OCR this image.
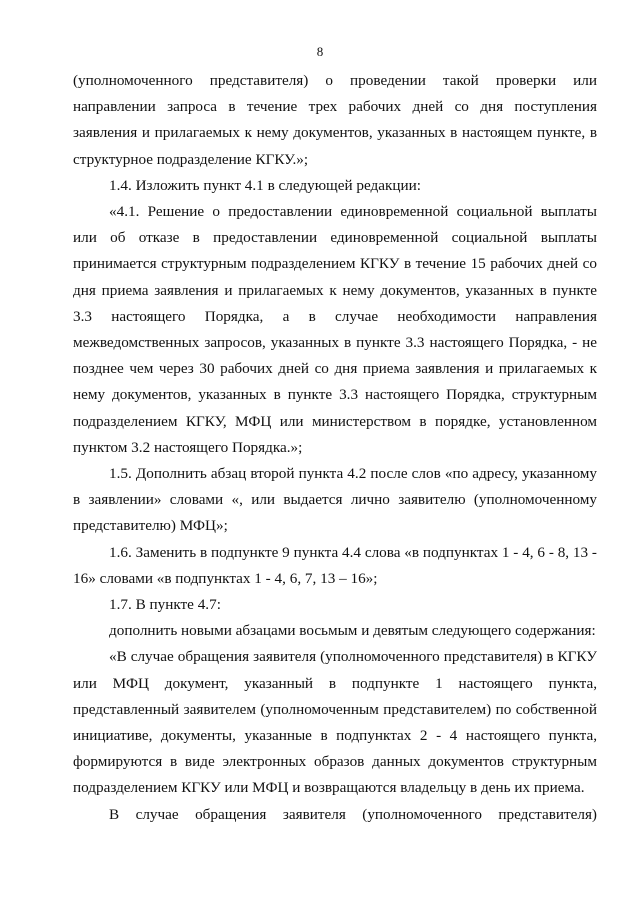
8

(уполномоченного представителя) о проведении такой проверки или направлении запроса в течение трех рабочих дней со дня поступления заявления и прилагаемых к нему документов, указанных в настоящем пункте, в структурное подразделение КГКУ.»;

1.4. Изложить пункт 4.1 в следующей редакции:

«4.1. Решение о предоставлении единовременной социальной выплаты или об отказе в предоставлении единовременной социальной выплаты принимается структурным подразделением КГКУ в течение 15 рабочих дней со дня приема заявления и прилагаемых к нему документов, указанных в пункте 3.3 настоящего Порядка, а в случае необходимости направления межведомственных запросов, указанных в пункте 3.3 настоящего Порядка, - не позднее чем через 30 рабочих дней со дня приема заявления и прилагаемых к нему документов, указанных в пункте 3.3 настоящего Порядка, структурным подразделением КГКУ, МФЦ или министерством в порядке, установленном пунктом 3.2 настоящего Порядка.»;

1.5. Дополнить абзац второй пункта 4.2 после слов «по адресу, указанному в заявлении» словами «, или выдается лично заявителю (уполномоченному представителю) МФЦ»;

1.6. Заменить в подпункте 9 пункта 4.4 слова «в подпунктах 1 - 4, 6 - 8, 13 - 16» словами «в подпунктах 1 - 4, 6, 7, 13 – 16»;

1.7. В пункте 4.7:

дополнить новыми абзацами восьмым и девятым следующего содержания:

«В случае обращения заявителя (уполномоченного представителя) в КГКУ или МФЦ документ, указанный в подпункте 1 настоящего пункта, представленный заявителем (уполномоченным представителем) по собственной инициативе, документы, указанные в подпунктах 2 - 4 настоящего пункта, формируются в виде электронных образов данных документов структурным подразделением КГКУ или МФЦ и возвращаются владельцу в день их приема.

В случае обращения заявителя (уполномоченного представителя)
